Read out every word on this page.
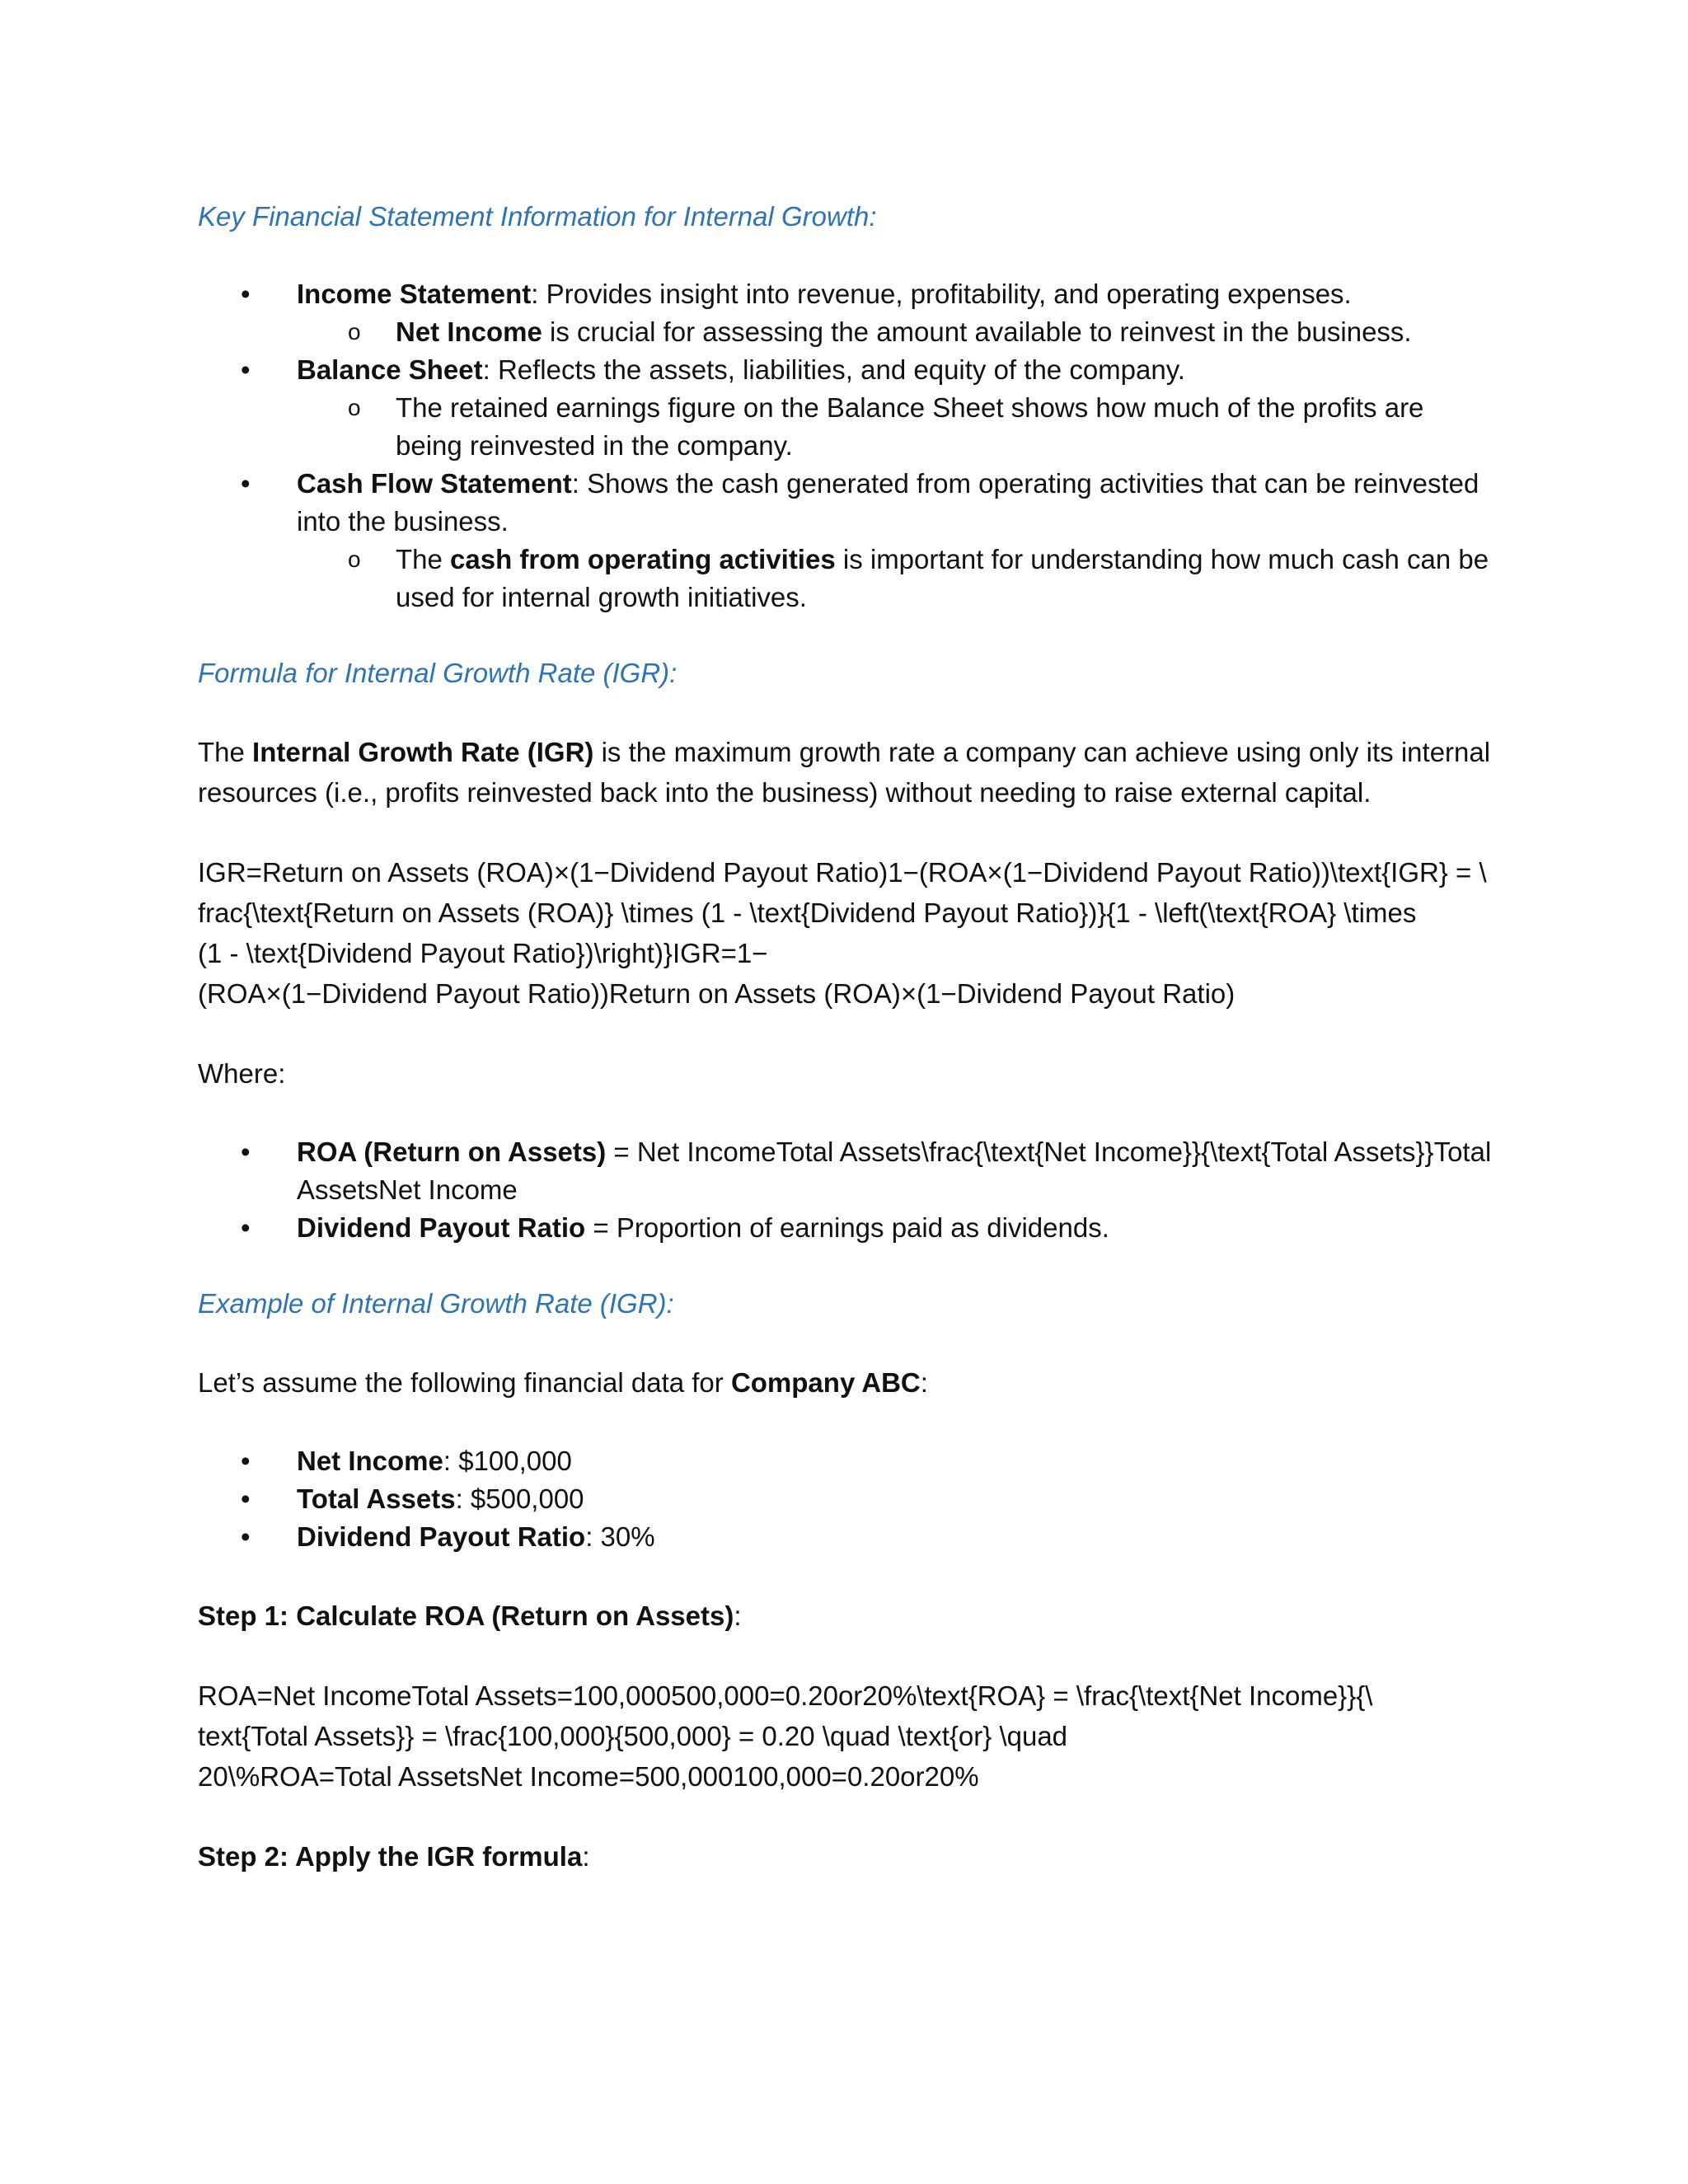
Key Financial Statement Information for Internal Growth:

• Income Statement: Provides insight into revenue, profitability, and operating expenses.
o Net Income is crucial for assessing the amount available to reinvest in the business.
• Balance Sheet: Reflects the assets, liabilities, and equity of the company.
o The retained earnings figure on the Balance Sheet shows how much of the profits are being reinvested in the company.
• Cash Flow Statement: Shows the cash generated from operating activities that can be reinvested into the business.
o The cash from operating activities is important for understanding how much cash can be used for internal growth initiatives.

Formula for Internal Growth Rate (IGR):

The Internal Growth Rate (IGR) is the maximum growth rate a company can achieve using only its internal resources (i.e., profits reinvested back into the business) without needing to raise external capital.

IGR=Return on Assets (ROA)×(1−Dividend Payout Ratio)1−(ROA×(1−Dividend Payout Ratio))\text{IGR} = \
frac{\text{Return on Assets (ROA)} \times (1 - \text{Dividend Payout Ratio})}{1 - \left(\text{ROA} \times
(1 - \text{Dividend Payout Ratio})\right)}IGR=1−
(ROA×(1−Dividend Payout Ratio))Return on Assets (ROA)×(1−Dividend Payout Ratio)

Where:

• ROA (Return on Assets) = Net IncomeTotal Assets\frac{\text{Net Income}}{\text{Total Assets}}Total AssetsNet Income
• Dividend Payout Ratio = Proportion of earnings paid as dividends.

Example of Internal Growth Rate (IGR):

Let’s assume the following financial data for Company ABC:

• Net Income: $100,000
• Total Assets: $500,000
• Dividend Payout Ratio: 30%

Step 1: Calculate ROA (Return on Assets):

ROA=Net IncomeTotal Assets=100,000500,000=0.20or20%\text{ROA} = \frac{\text{Net Income}}{\
text{Total Assets}} = \frac{100,000}{500,000} = 0.20 \quad \text{or} \quad
20\%ROA=Total AssetsNet Income=500,000100,000=0.20or20%

Step 2: Apply the IGR formula:
